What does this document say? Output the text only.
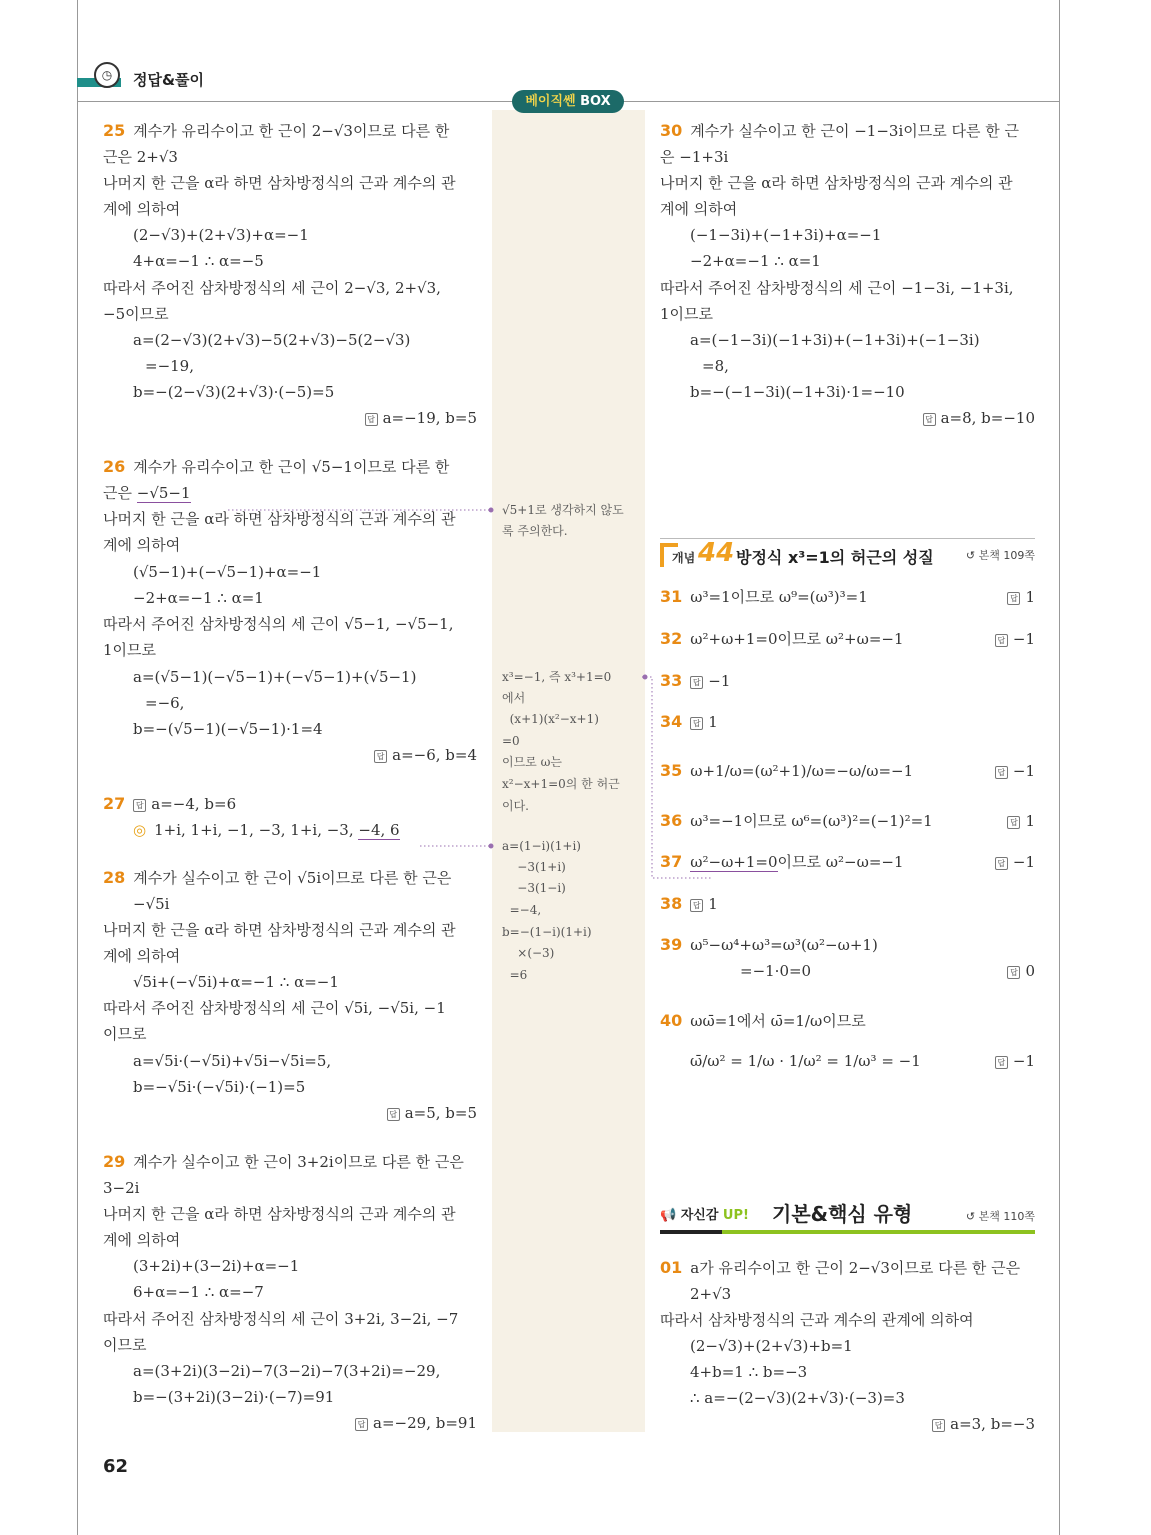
◷	정답&풀이
베이직쎈 BOX
25 계수가 유리수이고 한 근이 2−√3이므로 다른 한
근은 2+√3
나머지 한 근을 α라 하면 삼차방정식의 근과 계수의 관
계에 의하여
(2−√3)+(2+√3)+α=−1
4+α=−1 ∴ α=−5
따라서 주어진 삼차방정식의 세 근이 2−√3, 2+√3,
−5이므로
a=(2−√3)(2+√3)−5(2+√3)−5(2−√3)
=−19,
b=−(2−√3)(2+√3)·(−5)=5
답 a=−19, b=5
26 계수가 유리수이고 한 근이 √5−1이므로 다른 한
근은 −√5−1
나머지 한 근을 α라 하면 삼차방정식의 근과 계수의 관
계에 의하여
(√5−1)+(−√5−1)+α=−1
−2+α=−1 ∴ α=1
따라서 주어진 삼차방정식의 세 근이 √5−1, −√5−1,
1이므로
a=(√5−1)(−√5−1)+(−√5−1)+(√5−1)
=−6,
b=−(√5−1)(−√5−1)·1=4
답 a=−6, b=4
27 답 a=−4, b=6
◎ 1+i, 1+i, −1, −3, 1+i, −3, −4, 6
28 계수가 실수이고 한 근이 √5i이므로 다른 한 근은
−√5i
나머지 한 근을 α라 하면 삼차방정식의 근과 계수의 관
계에 의하여
√5i+(−√5i)+α=−1 ∴ α=−1
따라서 주어진 삼차방정식의 세 근이 √5i, −√5i, −1
이므로
a=√5i·(−√5i)+√5i−√5i=5,
b=−√5i·(−√5i)·(−1)=5
답 a=5, b=5
29 계수가 실수이고 한 근이 3+2i이므로 다른 한 근은
3−2i
나머지 한 근을 α라 하면 삼차방정식의 근과 계수의 관
계에 의하여
(3+2i)+(3−2i)+α=−1
6+α=−1 ∴ α=−7
따라서 주어진 삼차방정식의 세 근이 3+2i, 3−2i, −7
이므로
a=(3+2i)(3−2i)−7(3−2i)−7(3+2i)=−29,
b=−(3+2i)(3−2i)·(−7)=91
답 a=−29, b=91
30 계수가 실수이고 한 근이 −1−3i이므로 다른 한 근
은 −1+3i
나머지 한 근을 α라 하면 삼차방정식의 근과 계수의 관
계에 의하여
(−1−3i)+(−1+3i)+α=−1
−2+α=−1 ∴ α=1
따라서 주어진 삼차방정식의 세 근이 −1−3i, −1+3i,
1이므로
a=(−1−3i)(−1+3i)+(−1+3i)+(−1−3i)
=8,
b=−(−1−3i)(−1+3i)·1=−10
답 a=8, b=−10
31 ω³=1이므로 ω⁹=(ω³)³=1	답 1
32 ω²+ω+1=0이므로 ω²+ω=−1	답 −1
33 답 −1
34 답 1
35 ω+1/ω=(ω²+1)/ω=−ω/ω=−1	답 −1
36 ω³=−1이므로 ω⁶=(ω³)²=(−1)²=1	답 1
37 ω²−ω+1=0이므로 ω²−ω=−1	답 −1
38 답 1
39 ω⁵−ω⁴+ω³=ω³(ω²−ω+1)
=−1·0=0	답 0
40 ωω̄=1에서 ω̄=1/ω이므로
ω̄/ω² = 1/ω · 1/ω² = 1/ω³ = −1	답 −1
01 a가 유리수이고 한 근이 2−√3이므로 다른 한 근은
2+√3
따라서 삼차방정식의 근과 계수의 관계에 의하여
(2−√3)+(2+√3)+b=1
4+b=1 ∴ b=−3
∴ a=−(2−√3)(2+√3)·(−3)=3
답 a=3, b=−3
√5+1로 생각하지 않도
록 주의한다.
x³=−1, 즉 x³+1=0
에서
(x+1)(x²−x+1)
=0
이므로 ω는
x²−x+1=0의 한 허근
이다.
a=(1−i)(1+i)
−3(1+i)
−3(1−i)
=−4,
b=−(1−i)(1+i)
×(−3)
=6
개념 44 방정식 x³=1의 허근의 성질	↺ 본책 109쪽
📢 자신감 UP! 기본&핵심 유형	↺ 본책 110쪽
62
